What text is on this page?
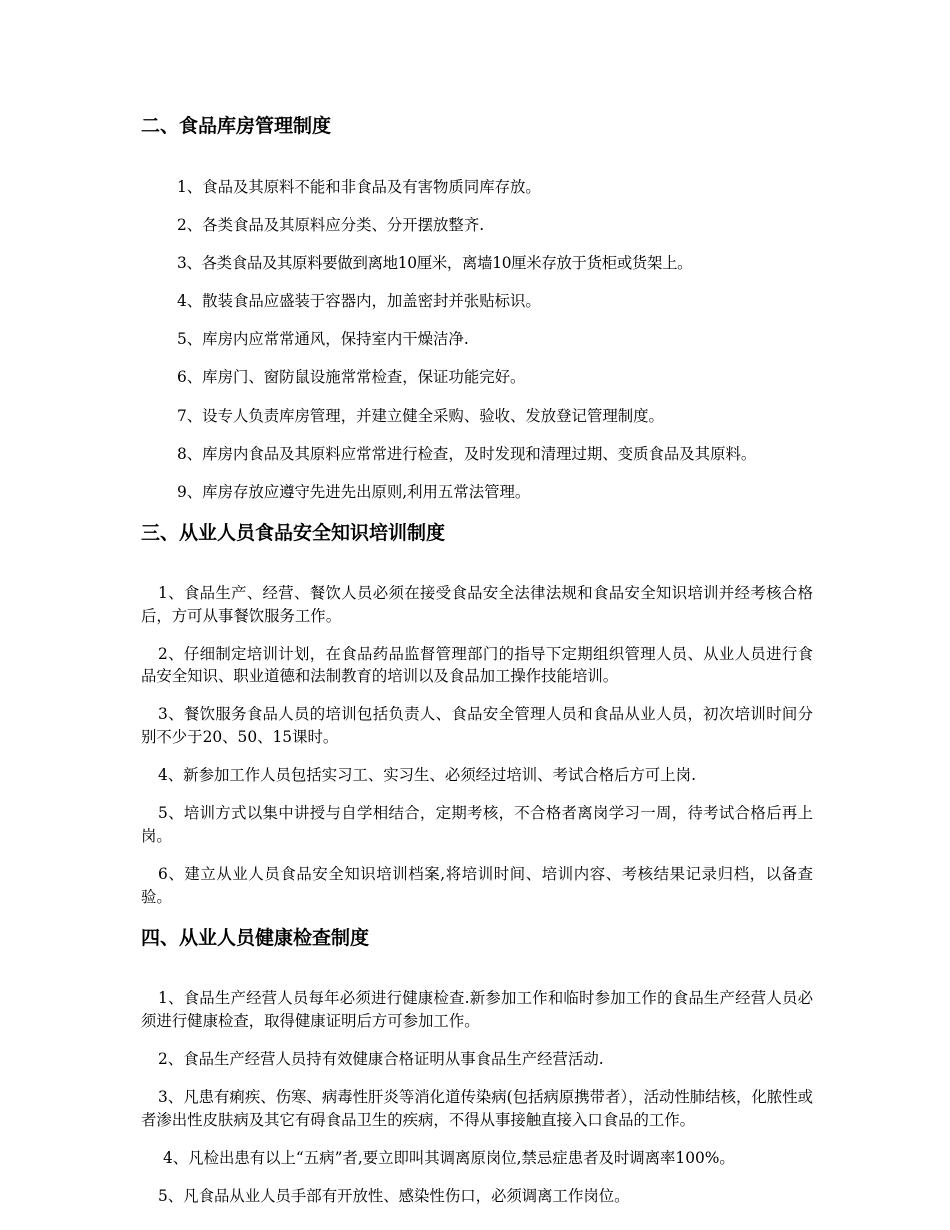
二、食品库房管理制度

1、食品及其原料不能和非食品及有害物质同库存放。

2、各类食品及其原料应分类、分开摆放整齐.

3、各类食品及其原料要做到离地10厘米，离墙10厘米存放于货柜或货架上。

4、散装食品应盛装于容器内，加盖密封并张贴标识。

5、库房内应常常通风，保持室内干燥洁净.

6、库房门、窗防鼠设施常常检查，保证功能完好。

7、设专人负责库房管理，并建立健全采购、验收、发放登记管理制度。

8、库房内食品及其原料应常常进行检查，及时发现和清理过期、变质食品及其原料。

9、库房存放应遵守先进先出原则,利用五常法管理。

三、从业人员食品安全知识培训制度

1、食品生产、经营、餐饮人员必须在接受食品安全法律法规和食品安全知识培训并经考核合格后，方可从事餐饮服务工作。

2、仔细制定培训计划，在食品药品监督管理部门的指导下定期组织管理人员、从业人员进行食品安全知识、职业道德和法制教育的培训以及食品加工操作技能培训。

3、餐饮服务食品人员的培训包括负责人、食品安全管理人员和食品从业人员，初次培训时间分别不少于20、50、15课时。

4、新参加工作人员包括实习工、实习生、必须经过培训、考试合格后方可上岗.

5、培训方式以集中讲授与自学相结合，定期考核，不合格者离岗学习一周，待考试合格后再上岗。

6、建立从业人员食品安全知识培训档案,将培训时间、培训内容、考核结果记录归档，以备查验。

四、从业人员健康检查制度

1、食品生产经营人员每年必须进行健康检查.新参加工作和临时参加工作的食品生产经营人员必须进行健康检查，取得健康证明后方可参加工作。

2、食品生产经营人员持有效健康合格证明从事食品生产经营活动.

3、凡患有痢疾、伤寒、病毒性肝炎等消化道传染病(包括病原携带者），活动性肺结核，化脓性或者渗出性皮肤病及其它有碍食品卫生的疾病，不得从事接触直接入口食品的工作。

4、凡检出患有以上“五病”者,要立即叫其调离原岗位,禁忌症患者及时调离率100%。

5、凡食品从业人员手部有开放性、感染性伤口，必须调离工作岗位。
